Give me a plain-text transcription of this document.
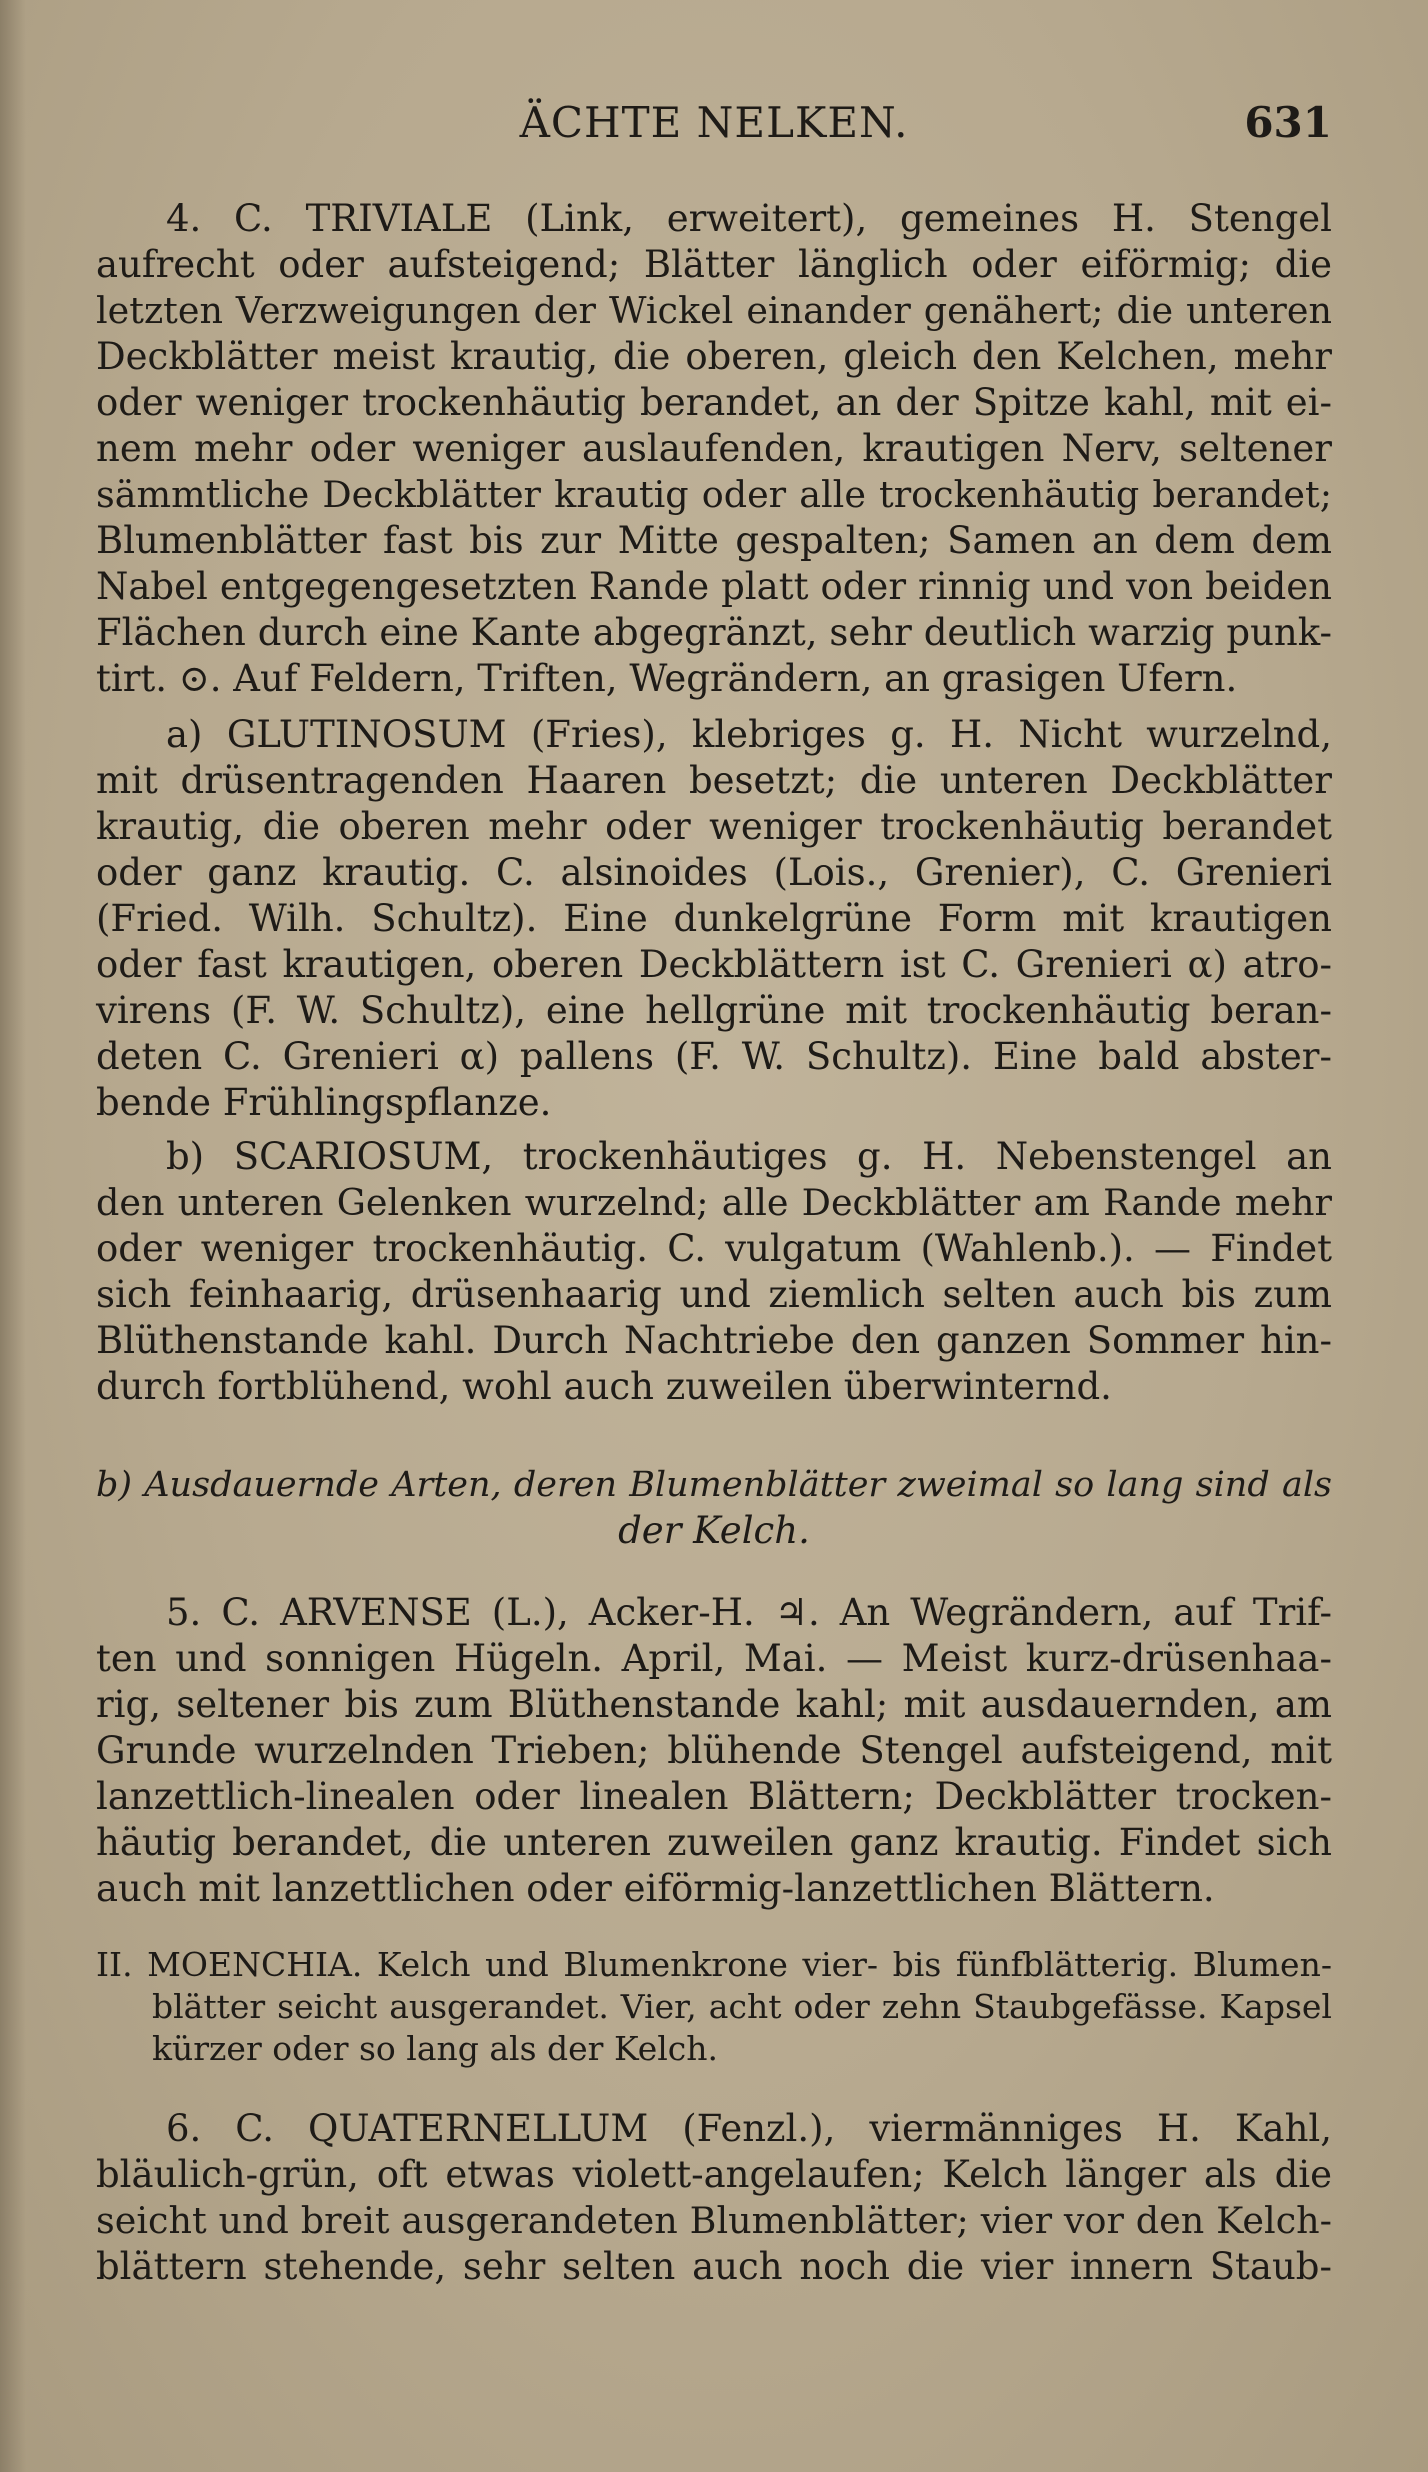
ÄCHTE NELKEN.	631
4. C. TRIVIALE (Link, erweitert), gemeines H. Stengel
aufrecht oder aufsteigend; Blätter länglich oder eiförmig; die
letzten Verzweigungen der Wickel einander genähert; die unteren
Deckblätter meist krautig, die oberen, gleich den Kelchen, mehr
oder weniger trockenhäutig berandet, an der Spitze kahl, mit ei-
nem mehr oder weniger auslaufenden, krautigen Nerv, seltener
sämmtliche Deckblätter krautig oder alle trockenhäutig berandet;
Blumenblätter fast bis zur Mitte gespalten; Samen an dem dem
Nabel entgegengesetzten Rande platt oder rinnig und von beiden
Flächen durch eine Kante abgegränzt, sehr deutlich warzig punk-
tirt. ⊙. Auf Feldern, Triften, Wegrändern, an grasigen Ufern.
a) GLUTINOSUM (Fries), klebriges g. H. Nicht wurzelnd,
mit drüsentragenden Haaren besetzt; die unteren Deckblätter
krautig, die oberen mehr oder weniger trockenhäutig berandet
oder ganz krautig. C. alsinoides (Lois., Grenier), C. Grenieri
(Fried. Wilh. Schultz). Eine dunkelgrüne Form mit krautigen
oder fast krautigen, oberen Deckblättern ist C. Grenieri α) atro-
virens (F. W. Schultz), eine hellgrüne mit trockenhäutig beran-
deten C. Grenieri α) pallens (F. W. Schultz). Eine bald abster-
bende Frühlingspflanze.
b) SCARIOSUM, trockenhäutiges g. H. Nebenstengel an
den unteren Gelenken wurzelnd; alle Deckblätter am Rande mehr
oder weniger trockenhäutig. C. vulgatum (Wahlenb.). — Findet
sich feinhaarig, drüsenhaarig und ziemlich selten auch bis zum
Blüthenstande kahl. Durch Nachtriebe den ganzen Sommer hin-
durch fortblühend, wohl auch zuweilen überwinternd.
b) Ausdauernde Arten, deren Blumenblätter zweimal so lang sind als
der Kelch.
5. C. ARVENSE (L.), Acker-H. ♃. An Wegrändern, auf Trif-
ten und sonnigen Hügeln. April, Mai. — Meist kurz-drüsenhaa-
rig, seltener bis zum Blüthenstande kahl; mit ausdauernden, am
Grunde wurzelnden Trieben; blühende Stengel aufsteigend, mit
lanzettlich-linealen oder linealen Blättern; Deckblätter trocken-
häutig berandet, die unteren zuweilen ganz krautig. Findet sich
auch mit lanzettlichen oder eiförmig-lanzettlichen Blättern.
II. MOENCHIA. Kelch und Blumenkrone vier- bis fünfblätterig. Blumen-
blätter seicht ausgerandet. Vier, acht oder zehn Staubgefässe. Kapsel
kürzer oder so lang als der Kelch.
6. C. QUATERNELLUM (Fenzl.), viermänniges H. Kahl,
bläulich-grün, oft etwas violett-angelaufen; Kelch länger als die
seicht und breit ausgerandeten Blumenblätter; vier vor den Kelch-
blättern stehende, sehr selten auch noch die vier innern Staub-
